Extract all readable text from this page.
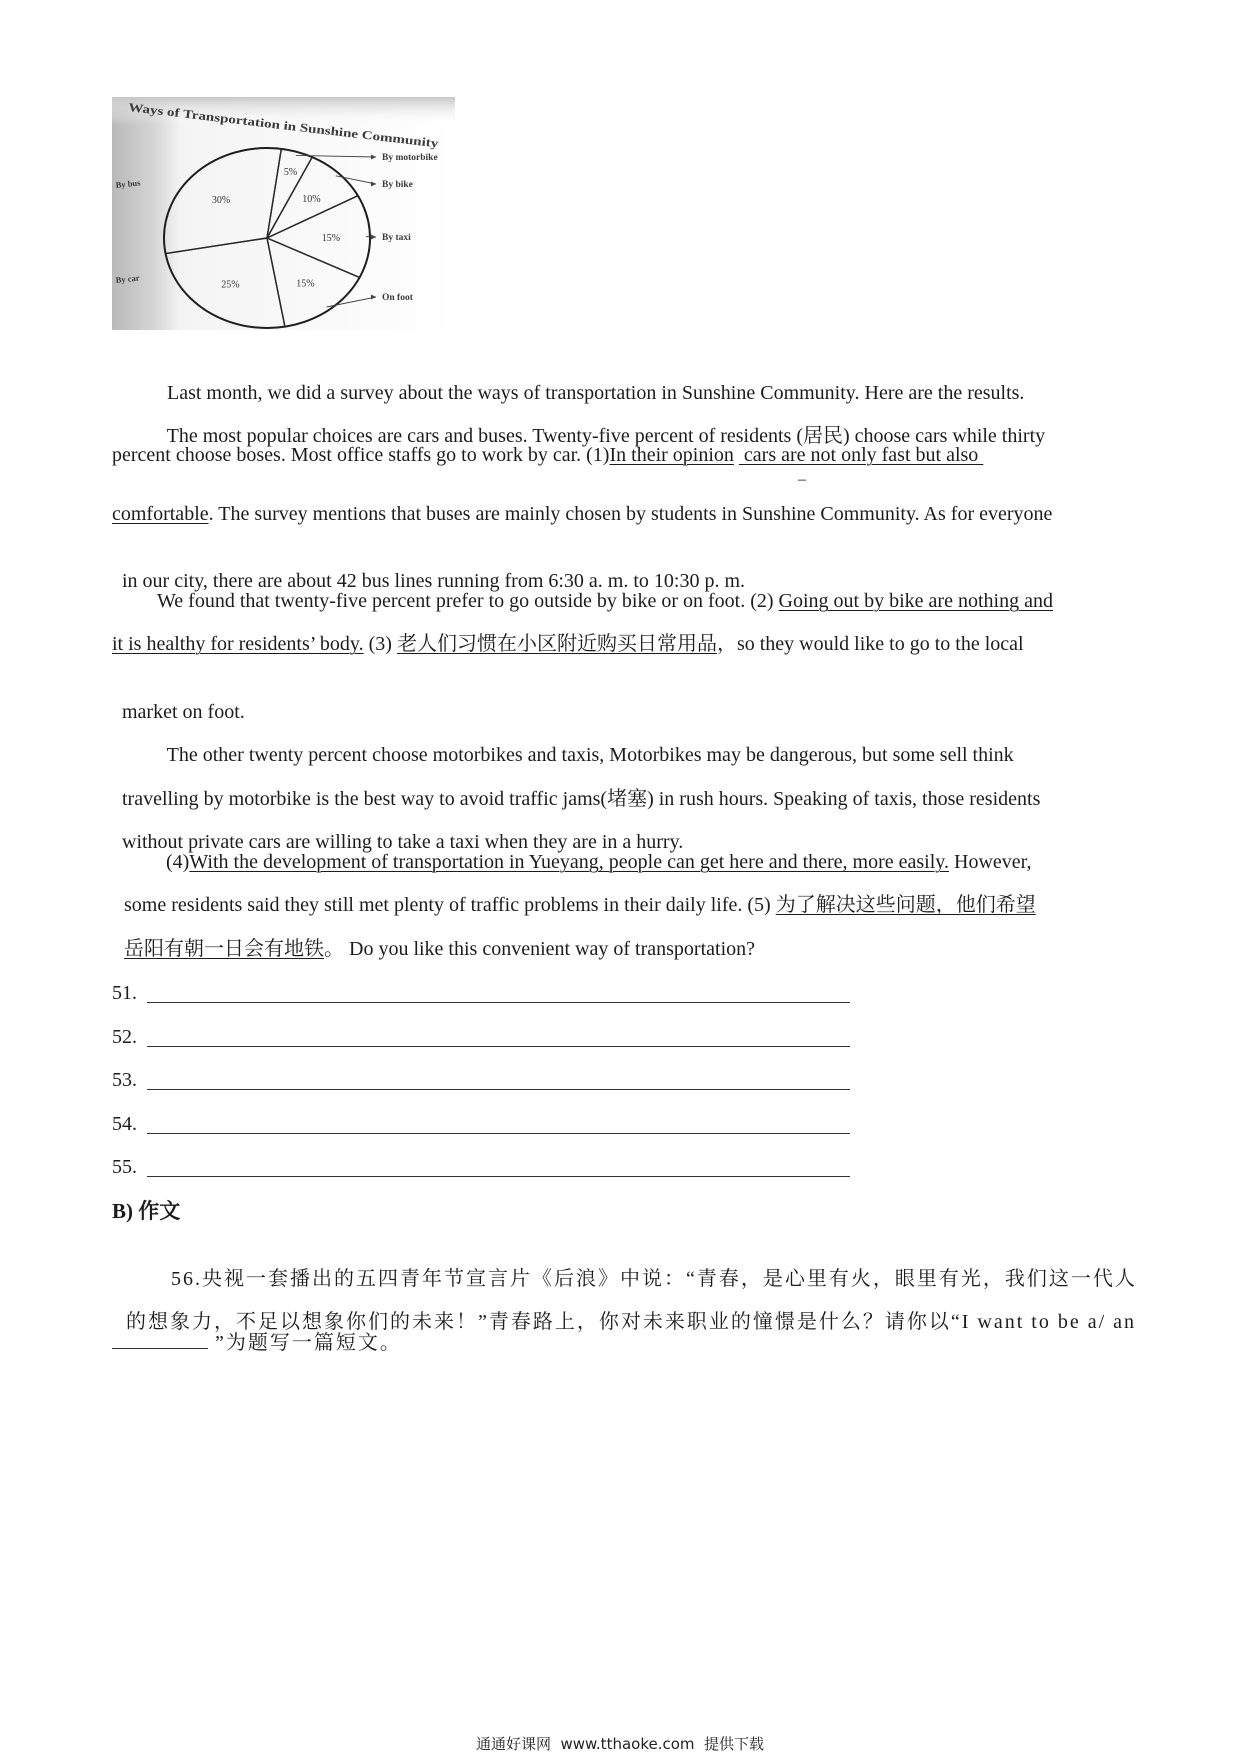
Ways of Transportation in Sunshine Community
5%
By motorbike
10%
By bike
15%	By taxi
15%
On foot
25%
By car
30%
By bus

Last month, we did a survey about the ways of transportation in Sunshine Community. Here are the results.

The most popular choices are cars and buses. Twenty-five percent of residents (居民) choose cars while thirty

percent choose boses. Most office staffs go to work by car. (1)In their opinion  cars are not only fast but also
–
comfortable. The survey mentions that buses are mainly chosen by students in Sunshine Community. As for everyone

in our city, there are about 42 bus lines running from 6:30 a. m. to 10:30 p. m.

We found that twenty-five percent prefer to go outside by bike or on foot. (2) Going out by bike are nothing and
it is healthy for residents’ body. (3) 老人们习惯在小区附近购买日常用品，so they would like to go to the local

market on foot.

The other twenty percent choose motorbikes and taxis, Motorbikes may be dangerous, but some sell think

travelling by motorbike is the best way to avoid traffic jams(堵塞) in rush hours. Speaking of taxis, those residents

without private cars are willing to take a taxi when they are in a hurry.

(4)With the development of transportation in Yueyang, people can get here and there, more easily. However,
some residents said they still met plenty of traffic problems in their daily life. (5) 为了解决这些问题，他们希望
岳阳有朝一日会有地铁。 Do you like this convenient way of transportation?
51.
52.
53.
54.
55.
B) 作文

56.央视一套播出的五四青年节宣言片《后浪》中说：“青春，是心里有火，眼里有光，我们这一代人

的想象力，不足以想象你们的未来！”青春路上，你对未来职业的憧憬是什么？请你以“I want to be a/ an

”为题写一篇短文。
通通好课网  www.tthaoke.com  提供下载
